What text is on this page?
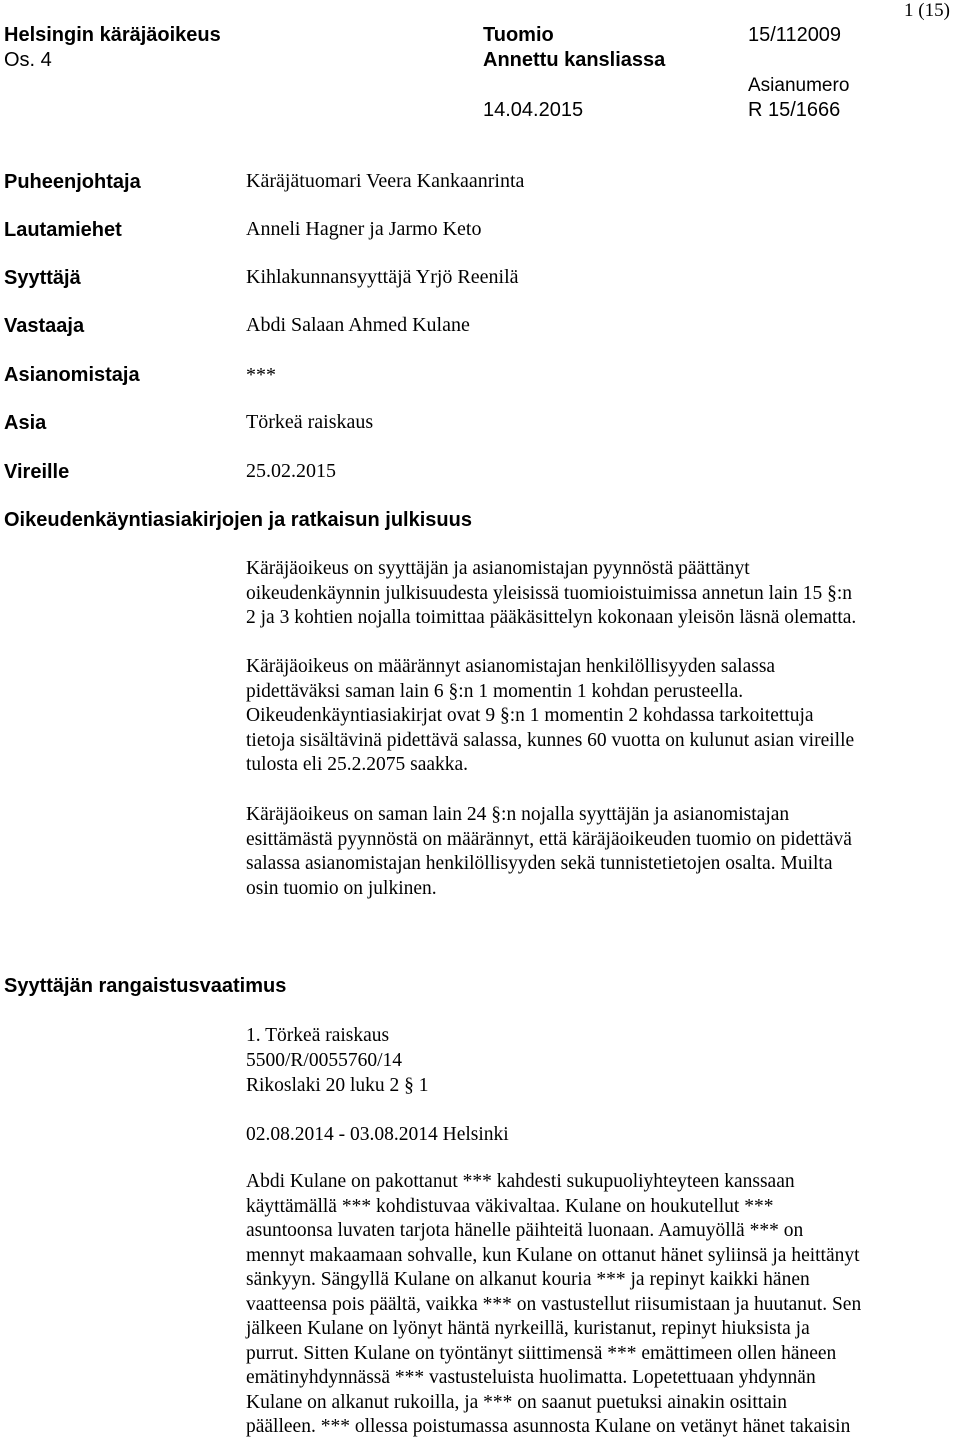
Helsingin käräjäoikeus
Os. 4
Tuomio
Annettu kansliassa
14.04.2015
15/112009
Asianumero
R 15/1666
1 (15)
Puheenjohtaja	Käräjätuomari Veera Kankaanrinta
Lautamiehet	Anneli Hagner ja Jarmo Keto
Syyttäjä	Kihlakunnansyyttäjä Yrjö Reenilä
Vastaaja	Abdi Salaan Ahmed Kulane
Asianomistaja	***
Asia	Törkeä raiskaus
Vireille	25.02.2015
Oikeudenkäyntiasiakirjojen ja ratkaisun julkisuus

Käräjäoikeus on syyttäjän ja asianomistajan pyynnöstä päättänyt

oikeudenkäynnin julkisuudesta yleisissä tuomioistuimissa annetun lain 15 §:n

2 ja 3 kohtien nojalla toimittaa pääkäsittelyn kokonaan yleisön läsnä olematta.

Käräjäoikeus on määrännyt asianomistajan henkilöllisyyden salassa

pidettäväksi saman lain 6 §:n 1 momentin 1 kohdan perusteella.

Oikeudenkäyntiasiakirjat ovat 9 §:n 1 momentin 2 kohdassa tarkoitettuja

tietoja sisältävinä pidettävä salassa, kunnes 60 vuotta on kulunut asian vireille

tulosta eli 25.2.2075 saakka.

Käräjäoikeus on saman lain 24 §:n nojalla syyttäjän ja asianomistajan

esittämästä pyynnöstä on määrännyt, että käräjäoikeuden tuomio on pidettävä

salassa asianomistajan henkilöllisyyden sekä tunnistetietojen osalta. Muilta

osin tuomio on julkinen.

Syyttäjän rangaistusvaatimus

1. Törkeä raiskaus

5500/R/0055760/14

Rikoslaki 20 luku 2 § 1

02.08.2014 - 03.08.2014 Helsinki

Abdi Kulane on pakottanut *** kahdesti sukupuoliyhteyteen kanssaan

käyttämällä *** kohdistuvaa väkivaltaa. Kulane on houkutellut ***

asuntoonsa luvaten tarjota hänelle päihteitä luonaan. Aamuyöllä *** on

mennyt makaamaan sohvalle, kun Kulane on ottanut hänet syliinsä ja heittänyt

sänkyyn. Sängyllä Kulane on alkanut kouria *** ja repinyt kaikki hänen

vaatteensa pois päältä, vaikka *** on vastustellut riisumistaan ja huutanut. Sen

jälkeen Kulane on lyönyt häntä nyrkeillä, kuristanut, repinyt hiuksista ja

purrut. Sitten Kulane on työntänyt siittimensä *** emättimeen ollen häneen

emätinyhdynnässä *** vastusteluista huolimatta. Lopetettuaan yhdynnän

Kulane on alkanut rukoilla, ja *** on saanut puetuksi ainakin osittain

päälleen. *** ollessa poistumassa asunnosta Kulane on vetänyt hänet takaisin
